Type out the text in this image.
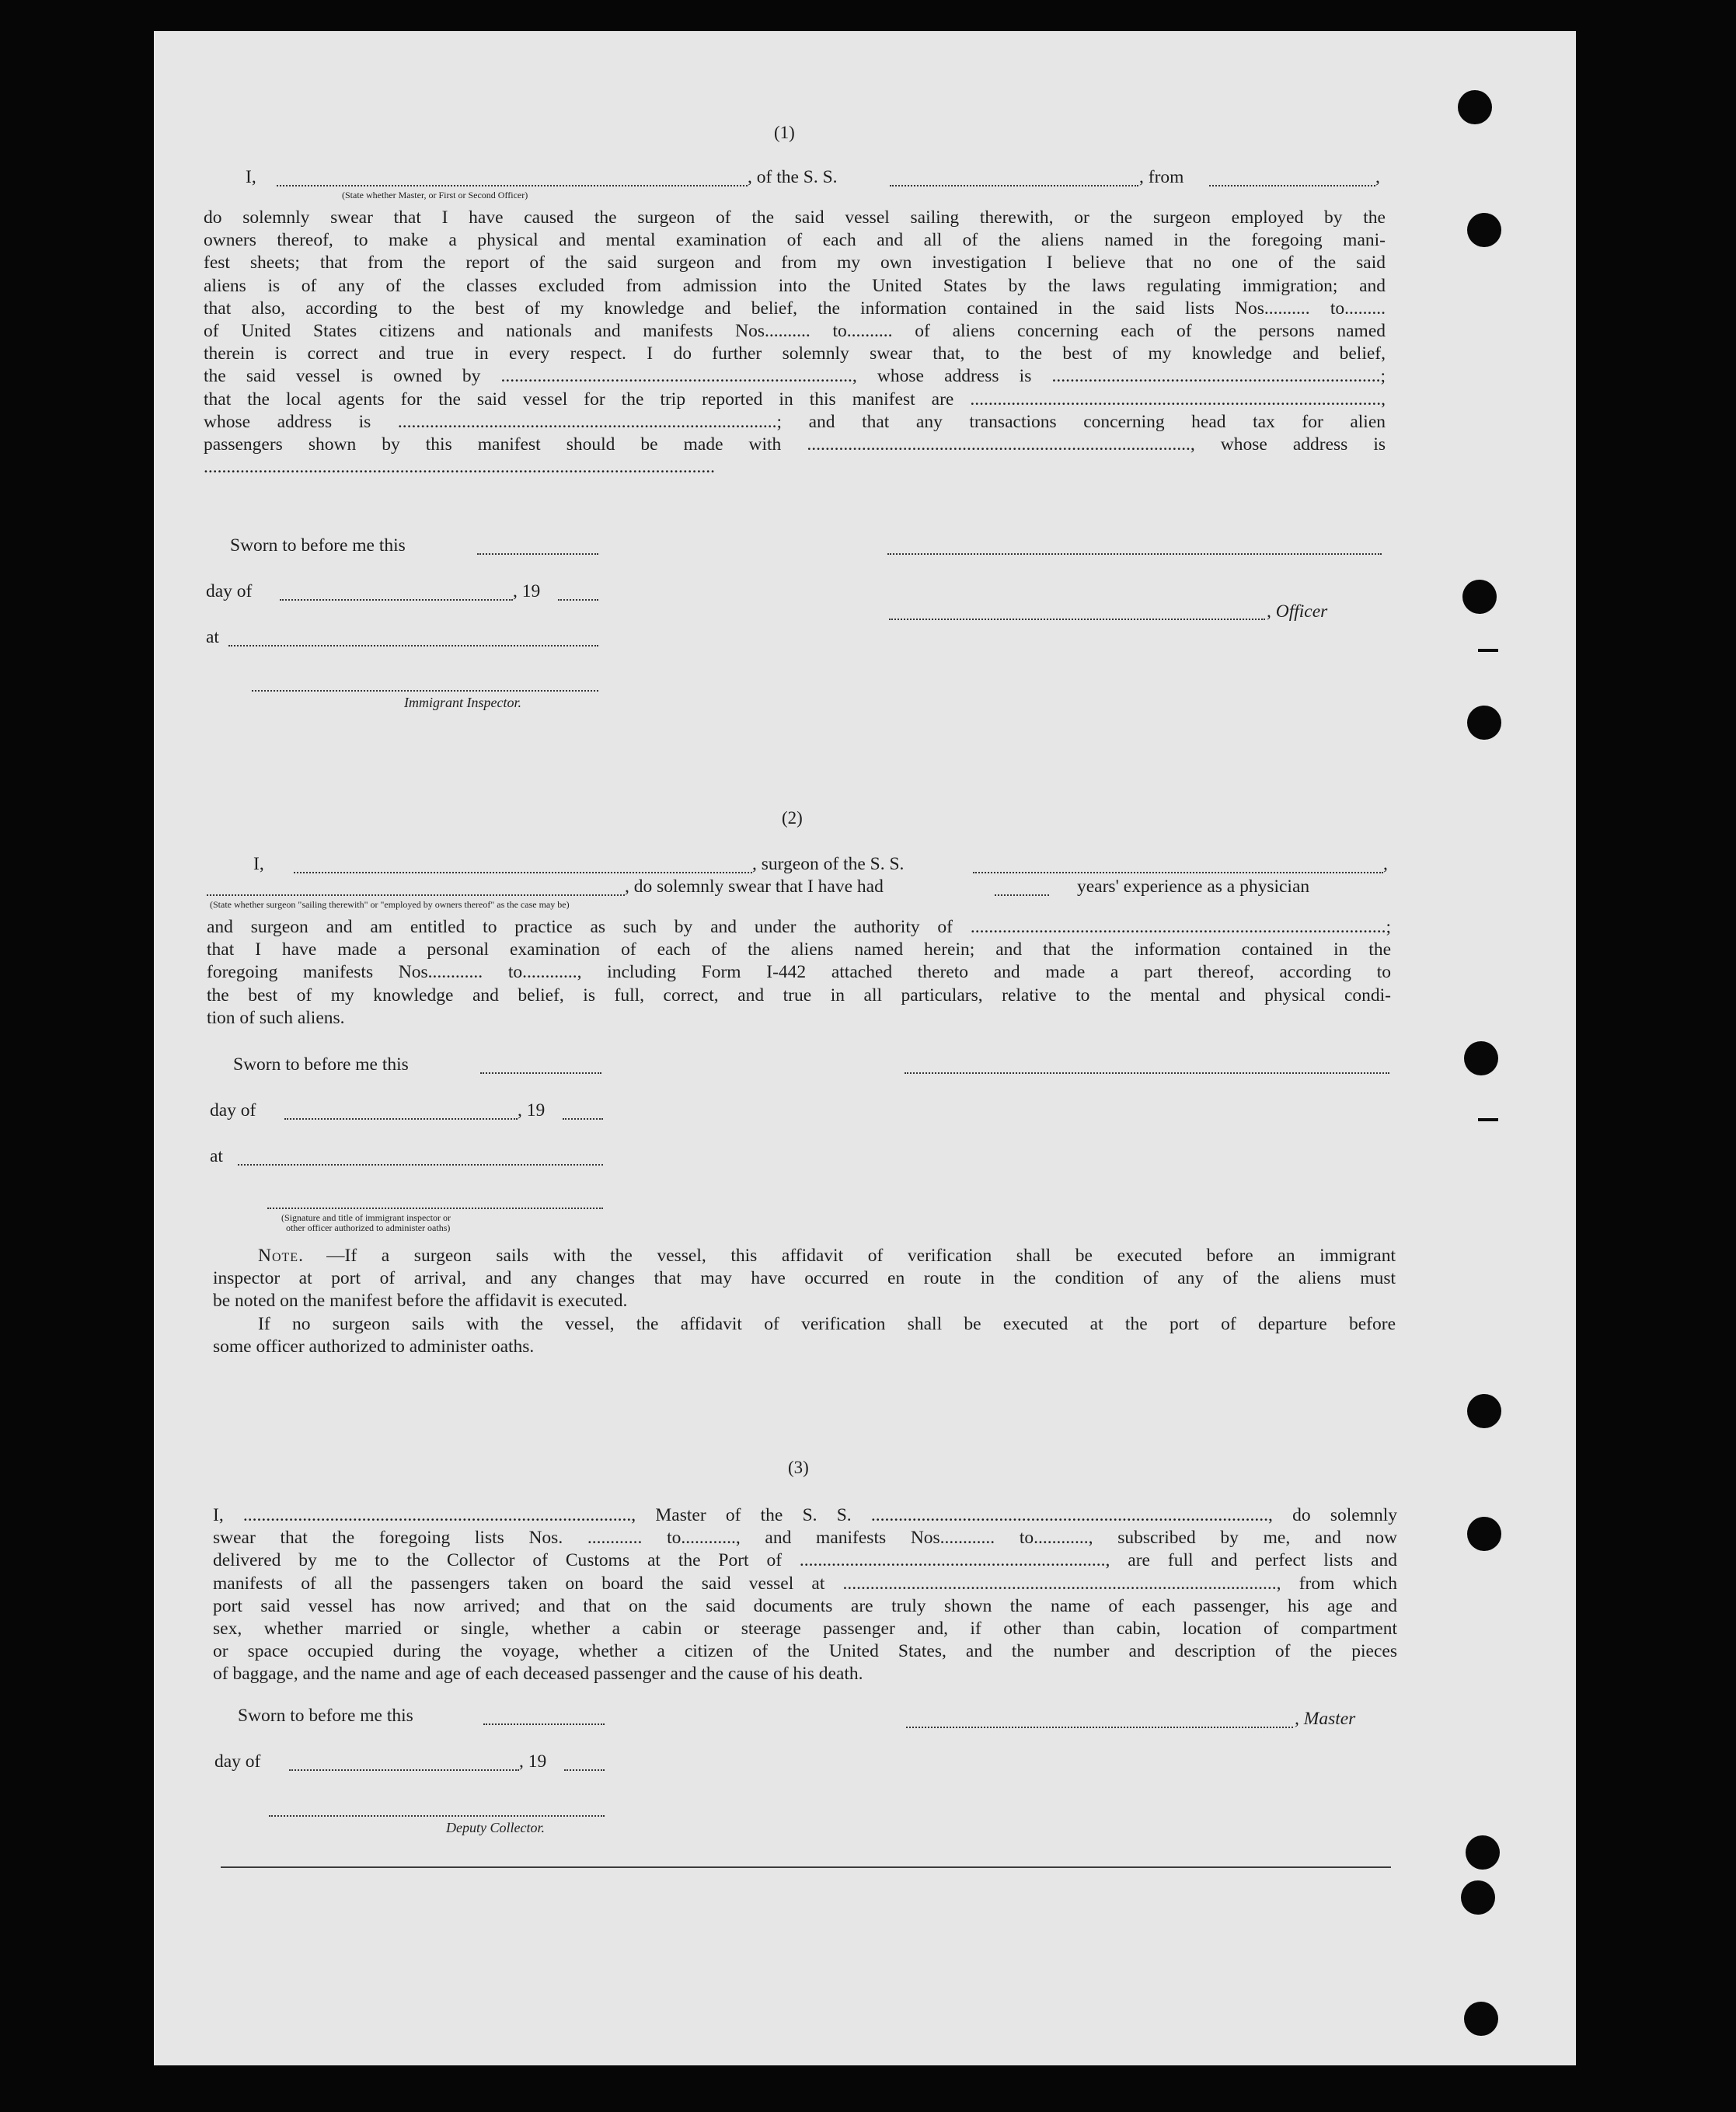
(1)
I,	, of the S. S.	, from	,
(State whether Master, or First or Second Officer)
do solemnly swear that I have caused the surgeon of the said vessel sailing therewith, or the surgeon employed by the
owners thereof, to make a physical and mental examination of each and all of the aliens named in the foregoing mani-
fest sheets; that from the report of the said surgeon and from my own investigation I believe that no one of the said
aliens is of any of the classes excluded from admission into the United States by the laws regulating immigration; and
that also, according to the best of my knowledge and belief, the information contained in the said lists Nos.......... to.........
of United States citizens and nationals and manifests Nos.......... to.......... of aliens concerning each of the persons named
therein is correct and true in every respect. I do further solemnly swear that, to the best of my knowledge and belief,
the said vessel is owned by ............................................................................., whose address is ........................................................................;
that the local agents for the said vessel for the trip reported in this manifest are ..........................................................................................,
whose address is ...................................................................................; and that any transactions concerning head tax for alien
passengers shown by this manifest should be made with ...................................................................................., whose address is
................................................................................................................
Sworn to before me this
day of	, 19
, Officer
at
Immigrant Inspector.
(2)
I,	, surgeon of the S. S.	,
, do solemnly swear that I have had	years' experience as a physician
(State whether surgeon "sailing therewith" or "employed by owners thereof" as the case may be)
and surgeon and am entitled to practice as such by and under the authority of ...........................................................................................;
that I have made a personal examination of each of the aliens named herein; and that the information contained in the
foregoing manifests Nos............ to............, including Form I-442 attached thereto and made a part thereof, according to
the best of my knowledge and belief, is full, correct, and true in all particulars, relative to the mental and physical condi-
tion of such aliens.
Sworn to before me this
day of	, 19
at
(Signature and title of immigrant inspector or
other officer authorized to administer oaths)
Note. —If a surgeon sails with the vessel, this affidavit of verification shall be executed before an immigrant
inspector at port of arrival, and any changes that may have occurred en route in the condition of any of the aliens must
be noted on the manifest before the affidavit is executed.
If no surgeon sails with the vessel, the affidavit of verification shall be executed at the port of departure before
some officer authorized to administer oaths.
(3)
I, ....................................................................................., Master of the S. S. ......................................................................................., do solemnly
swear that the foregoing lists Nos. ............ to............, and manifests Nos............ to............, subscribed by me, and now
delivered by me to the Collector of Customs at the Port of ..................................................................., are full and perfect lists and
manifests of all the passengers taken on board the said vessel at ..............................................................................................., from which
port said vessel has now arrived; and that on the said documents are truly shown the name of each passenger, his age and
sex, whether married or single, whether a cabin or steerage passenger and, if other than cabin, location of compartment
or space occupied during the voyage, whether a citizen of the United States, and the number and description of the pieces
of baggage, and the name and age of each deceased passenger and the cause of his death.
Sworn to before me this	, Master
day of	, 19
Deputy Collector.
